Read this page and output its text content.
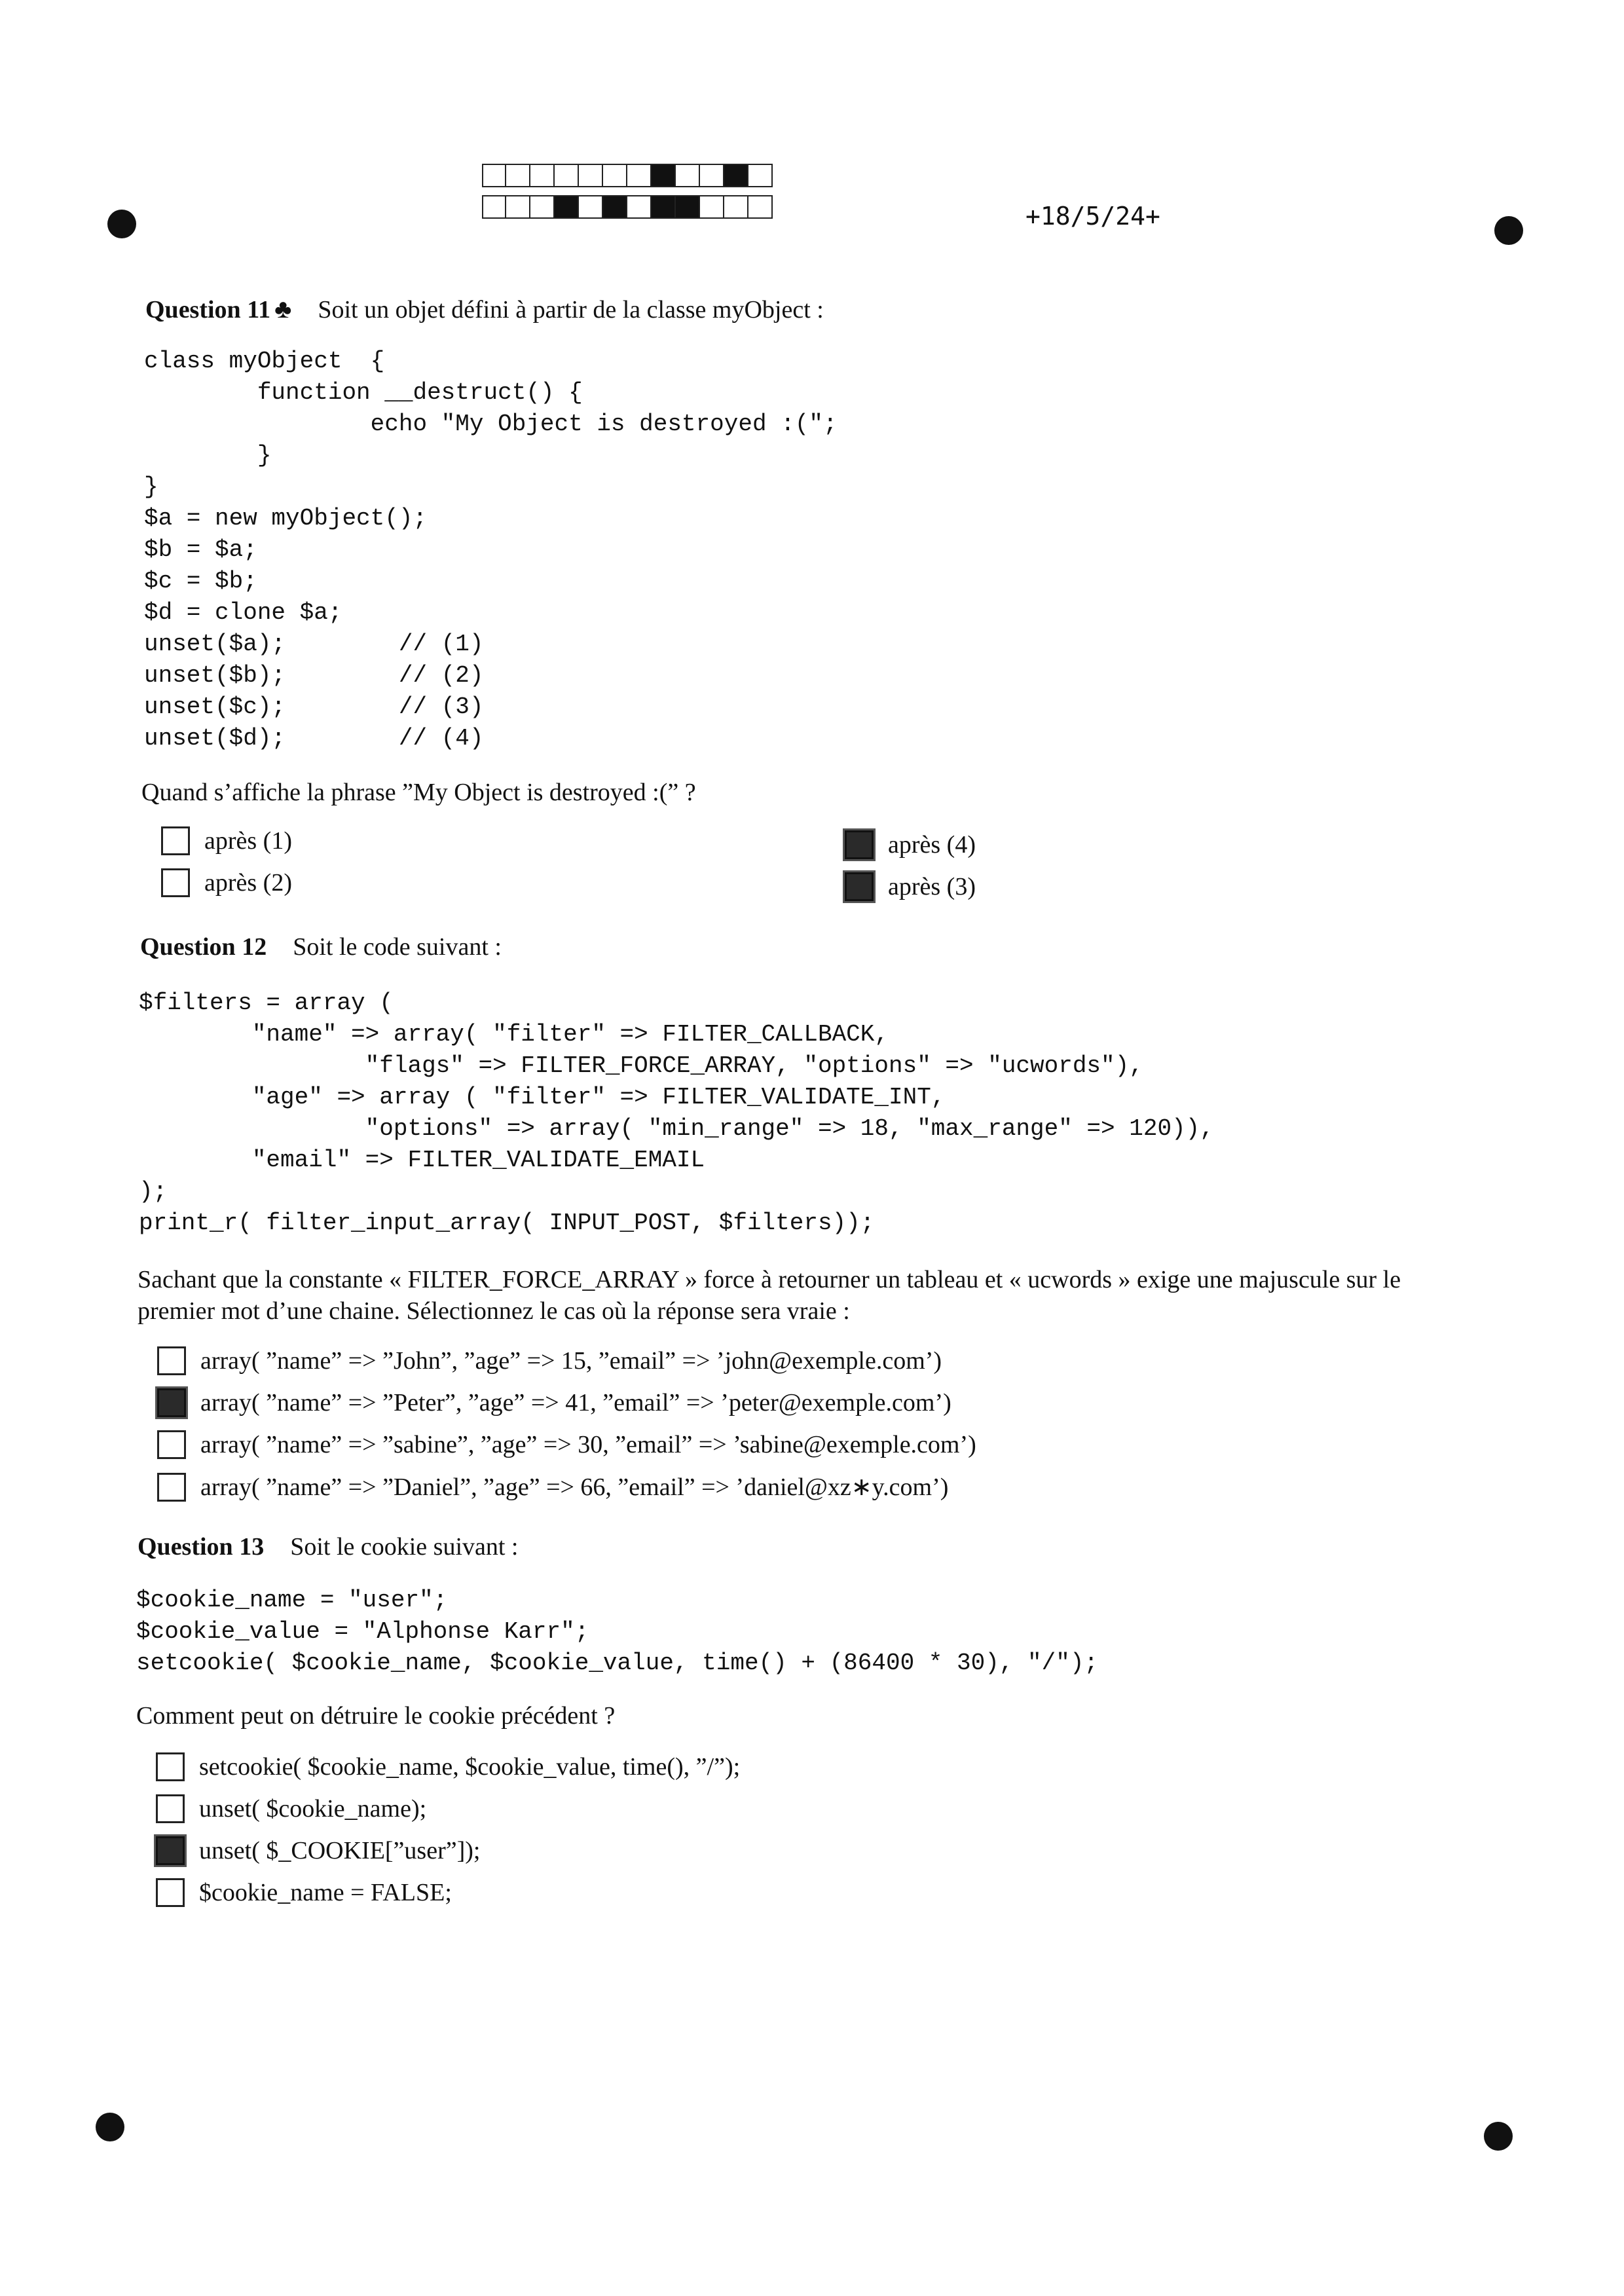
+18/5/24+
Question 11 ♣ Soit un objet défini à partir de la classe myObject :
class myObject  {
function __destruct() {
echo "My Object is destroyed :(";
}
}
$a = new myObject();
$b = $a;
$c = $b;
$d = clone $a;
unset($a);        // (1)
unset($b);        // (2)
unset($c);        // (3)
unset($d);        // (4)
Quand s’affiche la phrase ”My Object is destroyed :(” ?
après (1)
après (2)
après (4)
après (3)
Question 12 Soit le code suivant :
$filters = array (
"name" => array( "filter" => FILTER_CALLBACK,
"flags" => FILTER_FORCE_ARRAY, "options" => "ucwords"),
"age" => array ( "filter" => FILTER_VALIDATE_INT,
"options" => array( "min_range" => 18, "max_range" => 120)),
"email" => FILTER_VALIDATE_EMAIL
);
print_r( filter_input_array( INPUT_POST, $filters));
Sachant que la constante « FILTER_FORCE_ARRAY » force à retourner un tableau et « ucwords » exige une majuscule sur le
premier mot d’une chaine. Sélectionnez le cas où la réponse sera vraie :
array( ”name” => ”John”, ”age” => 15, ”email” => ’john@exemple.com’)
array( ”name” => ”Peter”, ”age” => 41, ”email” => ’peter@exemple.com’)
array( ”name” => ”sabine”, ”age” => 30, ”email” => ’sabine@exemple.com’)
array( ”name” => ”Daniel”, ”age” => 66, ”email” => ’daniel@xz∗y.com’)
Question 13 Soit le cookie suivant :
$cookie_name = "user";
$cookie_value = "Alphonse Karr";
setcookie( $cookie_name, $cookie_value, time() + (86400 * 30), "/");
Comment peut on détruire le cookie précédent ?
setcookie( $cookie_name, $cookie_value, time(), ”/”);
unset( $cookie_name);
unset( $_COOKIE[”user”]);
$cookie_name = FALSE;
